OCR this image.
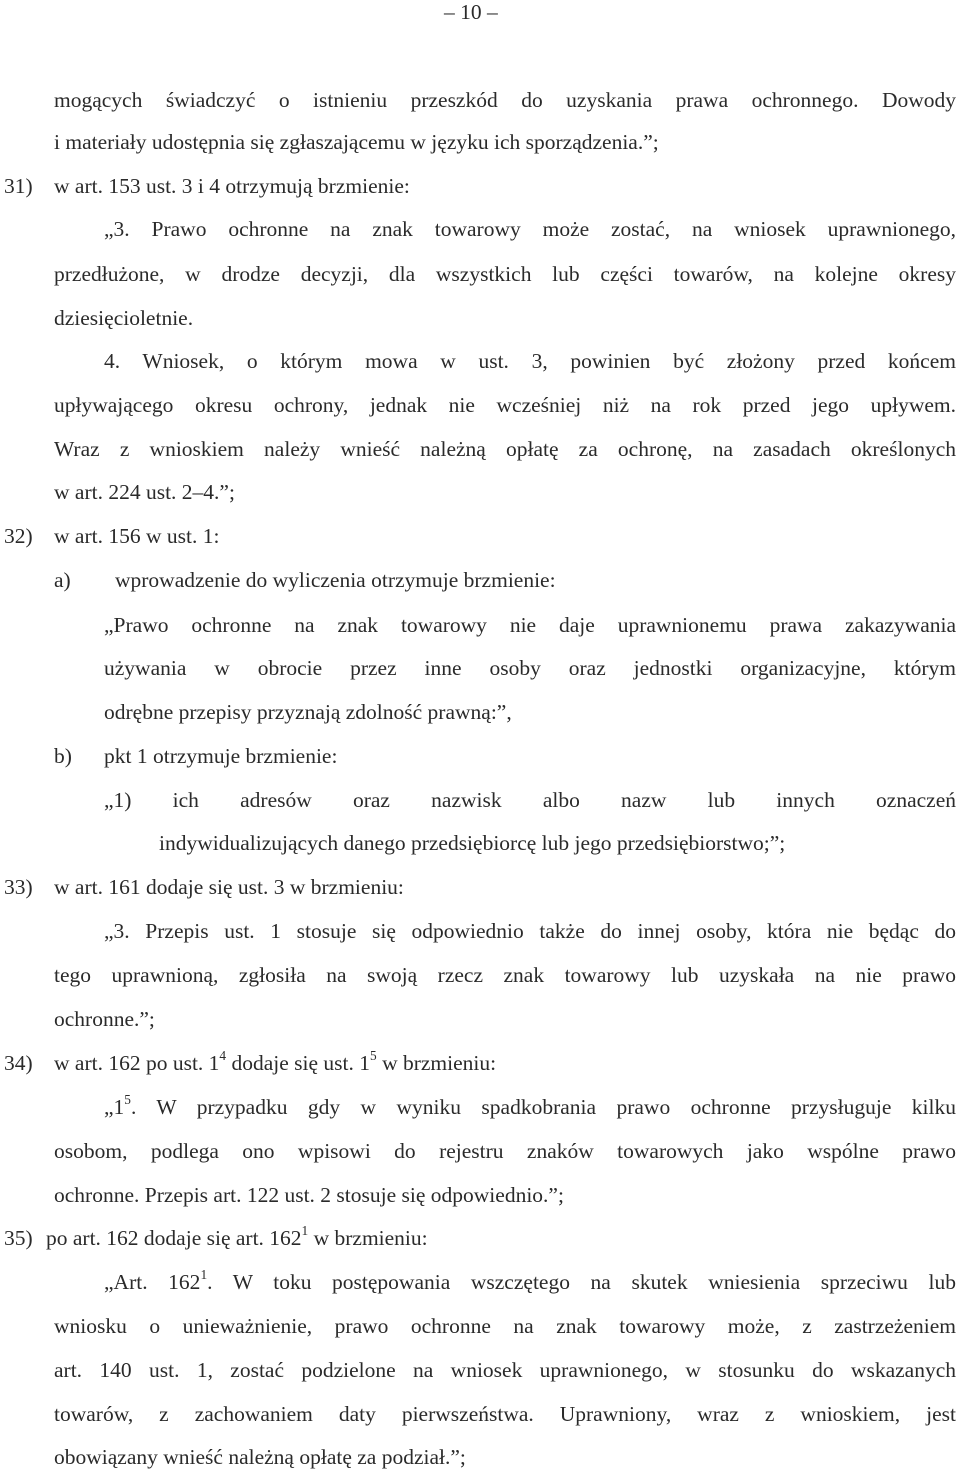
– 10 –
mogących świadczyć o istnieniu przeszkód do uzyskania prawa ochronnego. Dowody
i materiały udostępnia się zgłaszającemu w języku ich sporządzenia.”;
31) w art. 153 ust. 3 i 4 otrzymują brzmienie:
„3. Prawo ochronne na znak towarowy może zostać, na wniosek uprawnionego,
przedłużone, w drodze decyzji, dla wszystkich lub części towarów, na kolejne okresy
dziesięcioletnie.
4. Wniosek, o którym mowa w ust. 3, powinien być złożony przed końcem
upływającego okresu ochrony, jednak nie wcześniej niż na rok przed jego upływem.
Wraz z wnioskiem należy wnieść należną opłatę za ochronę, na zasadach określonych
w art. 224 ust. 2–4.”;
32) w art. 156 w ust. 1:
a) wprowadzenie do wyliczenia otrzymuje brzmienie:
„Prawo ochronne na znak towarowy nie daje uprawnionemu prawa zakazywania
używania w obrocie przez inne osoby oraz jednostki organizacyjne, którym
odrębne przepisy przyznają zdolność prawną:”,
b) pkt 1 otrzymuje brzmienie:
„1) ich adresów oraz nazwisk albo nazw lub innych oznaczeń
indywidualizujących danego przedsiębiorcę lub jego przedsiębiorstwo;”;
33) w art. 161 dodaje się ust. 3 w brzmieniu:
„3. Przepis ust. 1 stosuje się odpowiednio także do innej osoby, która nie będąc do
tego uprawnioną, zgłosiła na swoją rzecz znak towarowy lub uzyskała na nie prawo
ochronne.”;
34) w art. 162 po ust. $1^4$ dodaje się ust. $1^5$ w brzmieniu:
$„1^5$. W przypadku gdy w wyniku spadkobrania prawo ochronne przysługuje kilku
osobom, podlega ono wpisowi do rejestru znaków towarowych jako wspólne prawo
ochronne. Przepis art. 122 ust. 2 stosuje się odpowiednio.”;
35) po art. 162 dodaje się art. $162^1$ w brzmieniu:
„Art. $162^1$. W toku postępowania wszczętego na skutek wniesienia sprzeciwu lub
wniosku o unieważnienie, prawo ochronne na znak towarowy może, z zastrzeżeniem
art. 140 ust. 1, zostać podzielone na wniosek uprawnionego, w stosunku do wskazanych
towarów, z zachowaniem daty pierwszeństwa. Uprawniony, wraz z wnioskiem, jest
obowiązany wnieść należną opłatę za podział.”;
